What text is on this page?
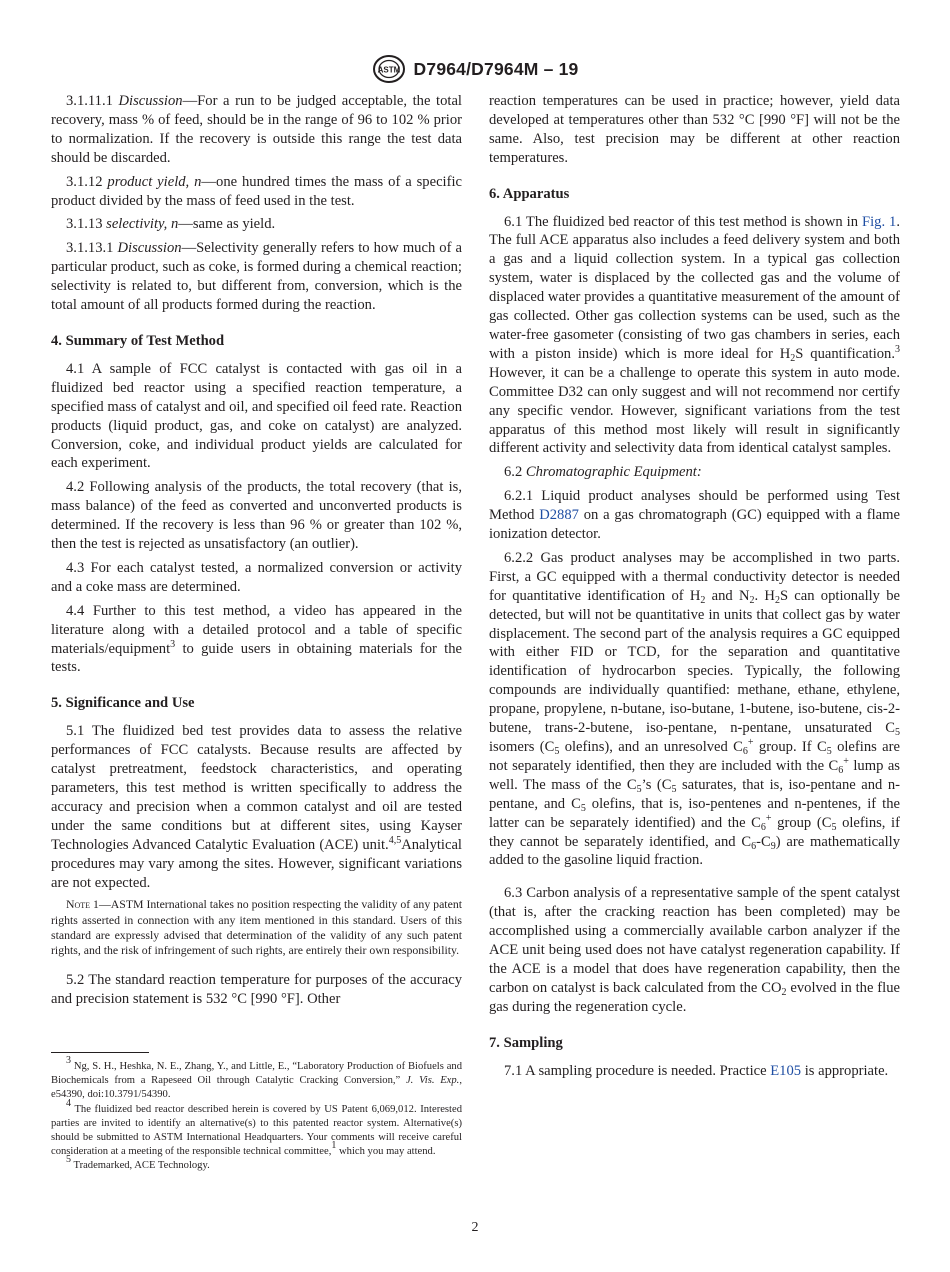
ASTM D7964/D7964M – 19

3.1.11.1 Discussion—For a run to be judged acceptable, the total recovery, mass % of feed, should be in the range of 96 to 102 % prior to normalization. If the recovery is outside this range the test data should be discarded.

3.1.12 product yield, n—one hundred times the mass of a specific product divided by the mass of feed used in the test.

3.1.13 selectivity, n—same as yield.

3.1.13.1 Discussion—Selectivity generally refers to how much of a particular product, such as coke, is formed during a chemical reaction; selectivity is related to, but different from, conversion, which is the total amount of all products formed during the reaction.

4. Summary of Test Method

4.1 A sample of FCC catalyst is contacted with gas oil in a fluidized bed reactor using a specified reaction temperature, a specified mass of catalyst and oil, and specified oil feed rate. Reaction products (liquid product, gas, and coke on catalyst) are analyzed. Conversion, coke, and individual product yields are calculated for each experiment.

4.2 Following analysis of the products, the total recovery (that is, mass balance) of the feed as converted and unconverted products is determined. If the recovery is less than 96 % or greater than 102 %, then the test is rejected as unsatisfactory (an outlier).

4.3 For each catalyst tested, a normalized conversion or activity and a coke mass are determined.

4.4 Further to this test method, a video has appeared in the literature along with a detailed protocol and a table of specific materials/equipment$^3$ to guide users in obtaining materials for the tests.

5. Significance and Use

5.1 The fluidized bed test provides data to assess the relative performances of FCC catalysts. Because results are affected by catalyst pretreatment, feedstock characteristics, and operating parameters, this test method is written specifically to address the accuracy and precision when a common catalyst and oil are tested under the same conditions but at different sites, using Kayser Technologies Advanced Catalytic Evaluation (ACE) unit.$^{4,5}$Analytical procedures may vary among the sites. However, significant variations are not expected.

Note 1—ASTM International takes no position respecting the validity of any patent rights asserted in connection with any item mentioned in this standard. Users of this standard are expressly advised that determination of the validity of any such patent rights, and the risk of infringement of such rights, are entirely their own responsibility.

5.2 The standard reaction temperature for purposes of the accuracy and precision statement is 532 °C [990 °F]. Other

3 Ng, S. H., Heshka, N. E., Zhang, Y., and Little, E., “Laboratory Production of Biofuels and Biochemicals from a Rapeseed Oil through Catalytic Cracking Conversion,” J. Vis. Exp., e54390, doi:10.3791/54390.

4 The fluidized bed reactor described herein is covered by US Patent 6,069,012. Interested parties are invited to identify an alternative(s) to this patented reactor system. Alternative(s) should be submitted to ASTM International Headquarters. Your comments will receive careful consideration at a meeting of the responsible technical committee,1 which you may attend.

5 Trademarked, ACE Technology.

reaction temperatures can be used in practice; however, yield data developed at temperatures other than 532 °C [990 °F] will not be the same. Also, test precision may be different at other reaction temperatures.

6. Apparatus

6.1 The fluidized bed reactor of this test method is shown in Fig. 1. The full ACE apparatus also includes a feed delivery system and both a gas and a liquid collection system. In a typical gas collection system, water is displaced by the collected gas and the volume of displaced water provides a quantitative measurement of the amount of gas collected. Other gas collection systems can be used, such as the water-free gasometer (consisting of two gas chambers in series, each with a piston inside) which is more ideal for $H_2S$ quantification.$^3$ However, it can be a challenge to operate this system in auto mode. Committee D32 can only suggest and will not recommend nor certify any specific vendor. However, significant variations from the test apparatus of this method most likely will result in significantly different activity and selectivity data from identical catalyst samples.

6.2 Chromatographic Equipment:

6.2.1 Liquid product analyses should be performed using Test Method D2887 on a gas chromatograph (GC) equipped with a flame ionization detector.

6.2.2 Gas product analyses may be accomplished in two parts. First, a GC equipped with a thermal conductivity detector is needed for quantitative identification of $H_2$ and $N_2$. $H_2S$ can optionally be detected, but will not be quantitative in units that collect gas by water displacement. The second part of the analysis requires a GC equipped with either FID or TCD, for the separation and quantitative identification of hydrocarbon species. Typically, the following compounds are individually quantified: methane, ethane, ethylene, propane, propylene, n-butane, iso-butane, 1-butene, iso-butene, cis-2-butene, trans-2-butene, iso-pentane, n-pentane, unsaturated $C_5$ isomers ($C_5$ olefins), and an unresolved $C_6^+$ group. If $C_5$ olefins are not separately identified, then they are included with the $C_6^+$ lump as well. The mass of the $C_5’s$ ($C_5$ saturates, that is, iso-pentane and n-pentane, and $C_5$ olefins, that is, iso-pentenes and n-pentenes, if the latter can be separately identified) and the $C_6^+$ group ($C_5$ olefins, if they cannot be separately identified, and $C_6-C_9$) are mathematically added to the gasoline liquid fraction.

6.3 Carbon analysis of a representative sample of the spent catalyst (that is, after the cracking reaction has been completed) may be accomplished using a commercially available carbon analyzer if the ACE unit being used does not have catalyst regeneration capability. If the ACE is a model that does have regeneration capability, then the carbon on catalyst is back calculated from the $CO_2$ evolved in the flue gas during the regeneration cycle.

7. Sampling

7.1 A sampling procedure is needed. Practice E105 is appropriate.

2
